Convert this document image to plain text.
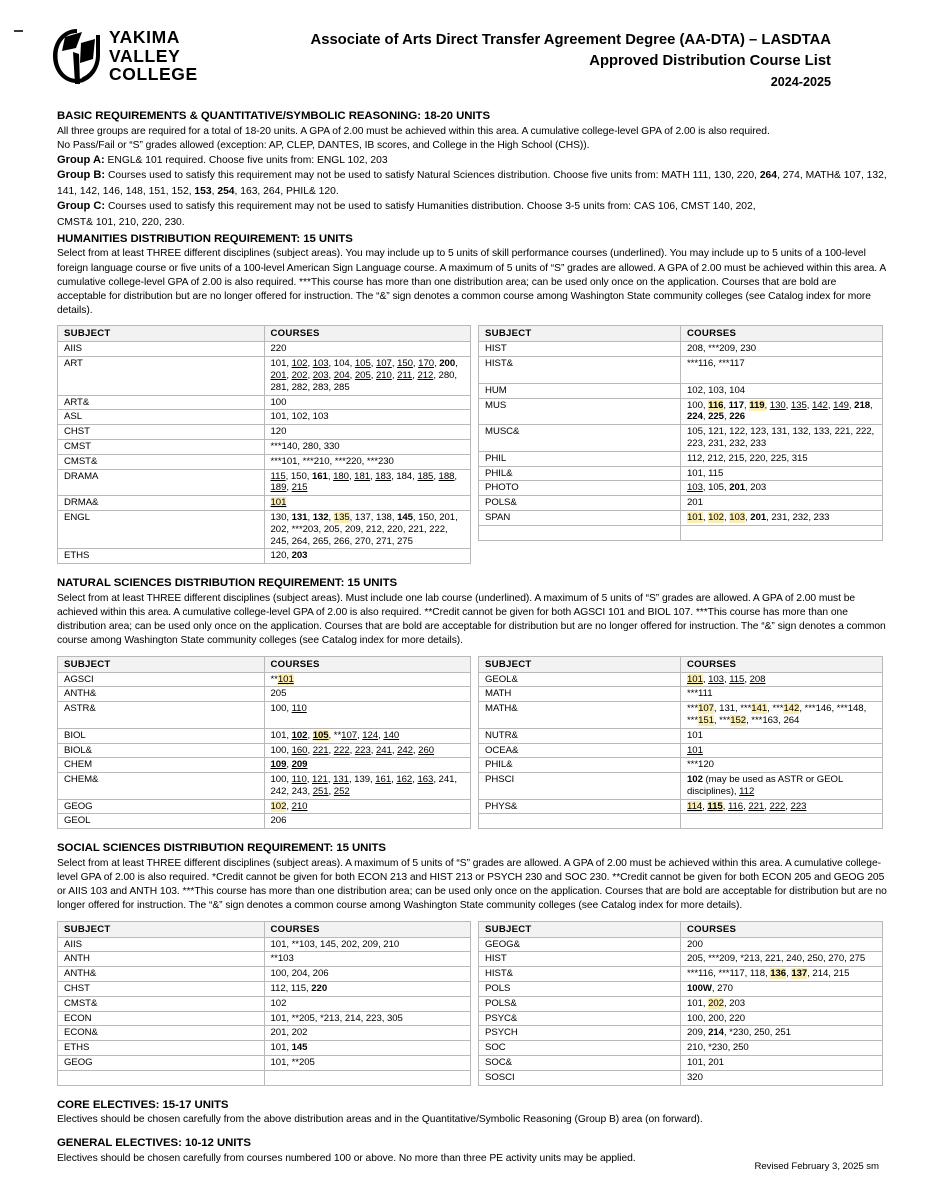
YAKIMA
VALLEY
COLLEGE
Associate of Arts Direct Transfer Agreement Degree (AA-DTA) – LASDTAA
Approved Distribution Course List
2024-2025
BASIC REQUIREMENTS & QUANTITATIVE/SYMBOLIC REASONING: 18-20 UNITS

All three groups are required for a total of 18-20 units. A GPA of 2.00 must be achieved within this area. A cumulative college-level GPA of 2.00 is also required.

No Pass/Fail or “S” grades allowed (exception: AP, CLEP, DANTES, IB scores, and College in the High School (CHS)).

Group A: ENGL& 101 required. Choose five units from: ENGL 102, 203
Group B: Courses used to satisfy this requirement may not be used to satisfy Natural Sciences distribution. Choose five units from: MATH 111, 130, 220, 264, 274, MATH& 107, 132, 141, 142, 146, 148, 151, 152, 153, 254, 163, 264, PHIL& 120.
Group C: Courses used to satisfy this requirement may not be used to satisfy Humanities distribution. Choose 3-5 units from: CAS 106, CMST 140, 202,
CMST& 101, 210, 220, 230.
HUMANITIES DISTRIBUTION REQUIREMENT: 15 UNITS

Select from at least THREE different disciplines (subject areas). You may include up to 5 units of skill performance courses (underlined). You may include up to 5 units of a 100-level foreign language course or five units of a 100-level American Sign Language course. A maximum of 5 units of “S” grades are allowed. A GPA of 2.00 must be achieved within this area. A cumulative college-level GPA of 2.00 is also required. ***This course has more than one distribution area; can be used only once on the application. Courses that are bold are acceptable for distribution but are no longer offered for instruction. The “&” sign denotes a common course among Washington State community colleges (see Catalog index for more details).

SUBJECT	COURSES
AIIS	220
ART	101, 102, 103, 104, 105, 107, 150, 170, 200, 201, 202, 203, 204, 205, 210, 211, 212, 280, 281, 282, 283, 285
ART&	100
ASL	101, 102, 103
CHST	120
CMST	***140, 280, 330
CMST&	***101, ***210, ***220, ***230
DRAMA	115, 150, 161, 180, 181, 183, 184, 185, 188, 189, 215
DRMA&	101
ENGL	130, 131, 132, 135, 137, 138, 145, 150, 201, 202, ***203, 205, 209, 212, 220, 221, 222, 245, 264, 265, 266, 270, 271, 275
ETHS	120, 203
SUBJECT	COURSES
HIST	208, ***209, 230
HIST&	***116, ***117

HUM	102, 103, 104
MUS	100, 116, 117, 119, 130, 135, 142, 149, 218, 224, 225, 226
MUSC&	105, 121, 122, 123, 131, 132, 133, 221, 222, 223, 231, 232, 233
PHIL	112, 212, 215, 220, 225, 315
PHIL&	101, 115
PHOTO	103, 105, 201, 203
POLS&	201
SPAN	101, 102, 103, 201, 231, 232, 233

NATURAL SCIENCES DISTRIBUTION REQUIREMENT: 15 UNITS

Select from at least THREE different disciplines (subject areas). Must include one lab course (underlined). A maximum of 5 units of “S” grades are allowed. A GPA of 2.00 must be achieved within this area. A cumulative college-level GPA of 2.00 is also required. **Credit cannot be given for both AGSCI 101 and BIOL 107. ***This course has more than one distribution area; can be used only once on the application. Courses that are bold are acceptable for distribution but are no longer offered for instruction. The “&” sign denotes a common course among Washington State community colleges (see Catalog index for more details).

SUBJECT	COURSES
AGSCI	**101
ANTH&	205
ASTR&	100, 110

BIOL	101, 102, 105, **107, 124, 140
BIOL&	100, 160, 221, 222, 223, 241, 242, 260
CHEM	109, 209
CHEM&	100, 110, 121, 131, 139, 161, 162, 163, 241, 242, 243, 251, 252
GEOG	102, 210
GEOL	206
SUBJECT	COURSES
GEOL&	101, 103, 115, 208
MATH	***111
MATH&	***107, 131, ***141, ***142, ***146, ***148, ***151, ***152, ***163, 264
NUTR&	101
OCEA&	101
PHIL&	***120
PHSCI	102 (may be used as ASTR or GEOL disciplines), 112
PHYS&	114, 115, 116, 221, 222, 223

SOCIAL SCIENCES DISTRIBUTION REQUIREMENT: 15 UNITS

Select from at least THREE different disciplines (subject areas). A maximum of 5 units of “S” grades are allowed. A GPA of 2.00 must be achieved within this area. A cumulative college-level GPA of 2.00 is also required. *Credit cannot be given for both ECON 213 and HIST 213 or PSYCH 230 and SOC 230. **Credit cannot be given for both ECON 205 and GEOG 205 or AIIS 103 and ANTH 103. ***This course has more than one distribution area; can be used only once on the application. Courses that are bold are acceptable for distribution but are no longer offered for instruction. The “&” sign denotes a common course among Washington State community colleges (see Catalog index for more details).

SUBJECT	COURSES
AIIS	101, **103, 145, 202, 209, 210
ANTH	**103
ANTH&	100, 204, 206
CHST	112, 115, 220
CMST&	102
ECON	101, **205, *213, 214, 223, 305
ECON&	201, 202
ETHS	101, 145
GEOG	101, **205

SUBJECT	COURSES
GEOG&	200
HIST	205, ***209, *213, 221, 240, 250, 270, 275
HIST&	***116, ***117, 118, 136, 137, 214, 215
POLS	100W, 270
POLS&	101, 202, 203
PSYC&	100, 200, 220
PSYCH	209, 214, *230, 250, 251
SOC	210, *230, 250
SOC&	101, 201
SOSCI	320
CORE ELECTIVES: 15-17 UNITS

Electives should be chosen carefully from the above distribution areas and in the Quantitative/Symbolic Reasoning (Group B) area (on forward).

GENERAL ELECTIVES: 10-12 UNITS

Electives should be chosen carefully from courses numbered 100 or above. No more than three PE activity units may be applied.

Revised February 3, 2025 sm
